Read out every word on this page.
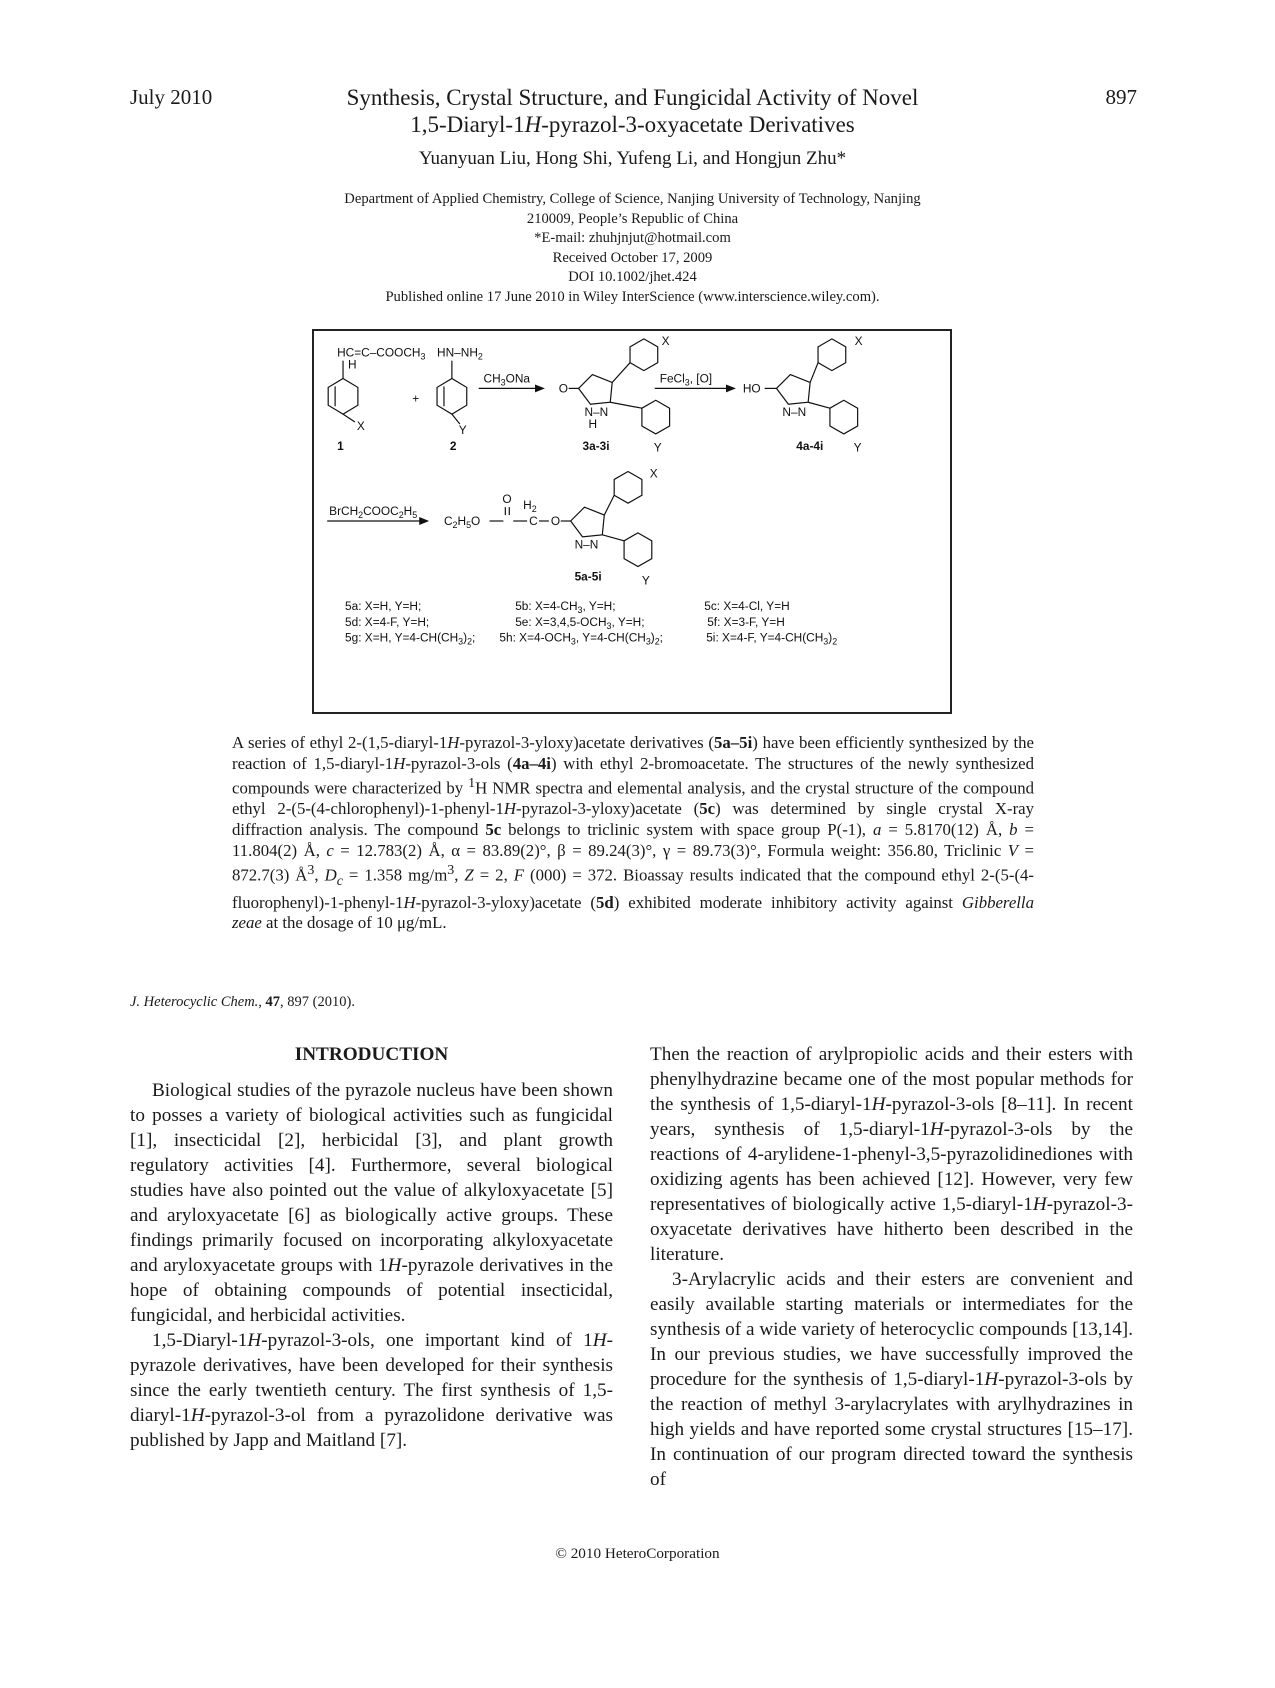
July 2010	897
Synthesis, Crystal Structure, and Fungicidal Activity of Novel
1,5-Diaryl-1H-pyrazol-3-oxyacetate Derivatives
Yuanyuan Liu, Hong Shi, Yufeng Li, and Hongjun Zhu*
Department of Applied Chemistry, College of Science, Nanjing University of Technology, Nanjing
210009, People’s Republic of China
*E-mail: zhuhjnjut@hotmail.com
Received October 17, 2009
DOI 10.1002/jhet.424
Published online 17 June 2010 in Wiley InterScience (www.interscience.wiley.com).
$HC=C-COOCH_3$
H
X
1
+
$HN-NH_2$
Y
2
$CH_3ONa$
O
N–N
H
X
Y
3a-3i
FeCl$_3$, [O]
HO
N–N
X
Y
4a-4i
$BrCH_2COOC_2H_5$ $C_2H_5O$
O $H_2$
C O
N–N
X
Y
5a-5i
5a: X=H, Y=H;	5b: $X=4-CH_3$, Y=H;	5c: X=4-Cl, Y=H
5d: X=4-F, Y=H;	5e: $X=3,4,5-OCH_3$, Y=H;	5f: X=3-F, Y=H
5g: X=H, $Y=4-CH(CH_3)_2$; 5h: $X=4-OCH_3$, $Y=4-CH(CH_3)_2$;	5i: X=4-F, $Y=4-CH(CH_3)_2$
A series of ethyl 2-(1,5-diaryl-1H-pyrazol-3-yloxy)acetate derivatives (5a–5i) have been efficiently synthesized by the reaction of 1,5-diaryl-1H-pyrazol-3-ols (4a–4i) with ethyl 2-bromoacetate. The structures of the newly synthesized compounds were characterized by $^1$H NMR spectra and elemental analysis, and the crystal structure of the compound ethyl 2-(5-(4-chlorophenyl)-1-phenyl-1H-pyrazol-3-yloxy)acetate (5c) was determined by single crystal X-ray diffraction analysis. The compound 5c belongs to triclinic system with space group P(-1), a = 5.8170(12) Å, b = 11.804(2) Å, c = 12.783(2) Å, α = 83.89(2)°, β = 89.24(3)°, γ = 89.73(3)°, Formula weight: 356.80, Triclinic V = 872.7(3) $Å^3$, $D_c = 1.358$ $mg/m^3$, Z = 2, F (000) = 372. Bioassay results indicated that the compound ethyl 2-(5-(4-fluorophenyl)-1-phenyl-1H-pyrazol-3-yloxy)acetate (5d) exhibited moderate inhibitory activity against Gibberella zeae at the dosage of 10 μg/mL.
J. Heterocyclic Chem., 47, 897 (2010).
INTRODUCTION

Biological studies of the pyrazole nucleus have been shown to posses a variety of biological activities such as fungicidal [1], insecticidal [2], herbicidal [3], and plant growth regulatory activities [4]. Furthermore, several biological studies have also pointed out the value of alkyloxyacetate [5] and aryloxyacetate [6] as biologically active groups. These findings primarily focused on incorporating alkyloxyacetate and aryloxyacetate groups with 1H-pyrazole derivatives in the hope of obtaining compounds of potential insecticidal, fungicidal, and herbicidal activities.

1,5-Diaryl-1H-pyrazol-3-ols, one important kind of 1H-pyrazole derivatives, have been developed for their synthesis since the early twentieth century. The first synthesis of 1,5-diaryl-1H-pyrazol-3-ol from a pyrazolidone derivative was published by Japp and Maitland [7].

Then the reaction of arylpropiolic acids and their esters with phenylhydrazine became one of the most popular methods for the synthesis of 1,5-diaryl-1H-pyrazol-3-ols [8–11]. In recent years, synthesis of 1,5-diaryl-1H-pyrazol-3-ols by the reactions of 4-arylidene-1-phenyl-3,5-pyrazolidinediones with oxidizing agents has been achieved [12]. However, very few representatives of biologically active 1,5-diaryl-1H-pyrazol-3-oxyacetate derivatives have hitherto been described in the literature.

3-Arylacrylic acids and their esters are convenient and easily available starting materials or intermediates for the synthesis of a wide variety of heterocyclic compounds [13,14]. In our previous studies, we have successfully improved the procedure for the synthesis of 1,5-diaryl-1H-pyrazol-3-ols by the reaction of methyl 3-arylacrylates with arylhydrazines in high yields and have reported some crystal structures [15–17]. In continuation of our program directed toward the synthesis of

© 2010 HeteroCorporation
